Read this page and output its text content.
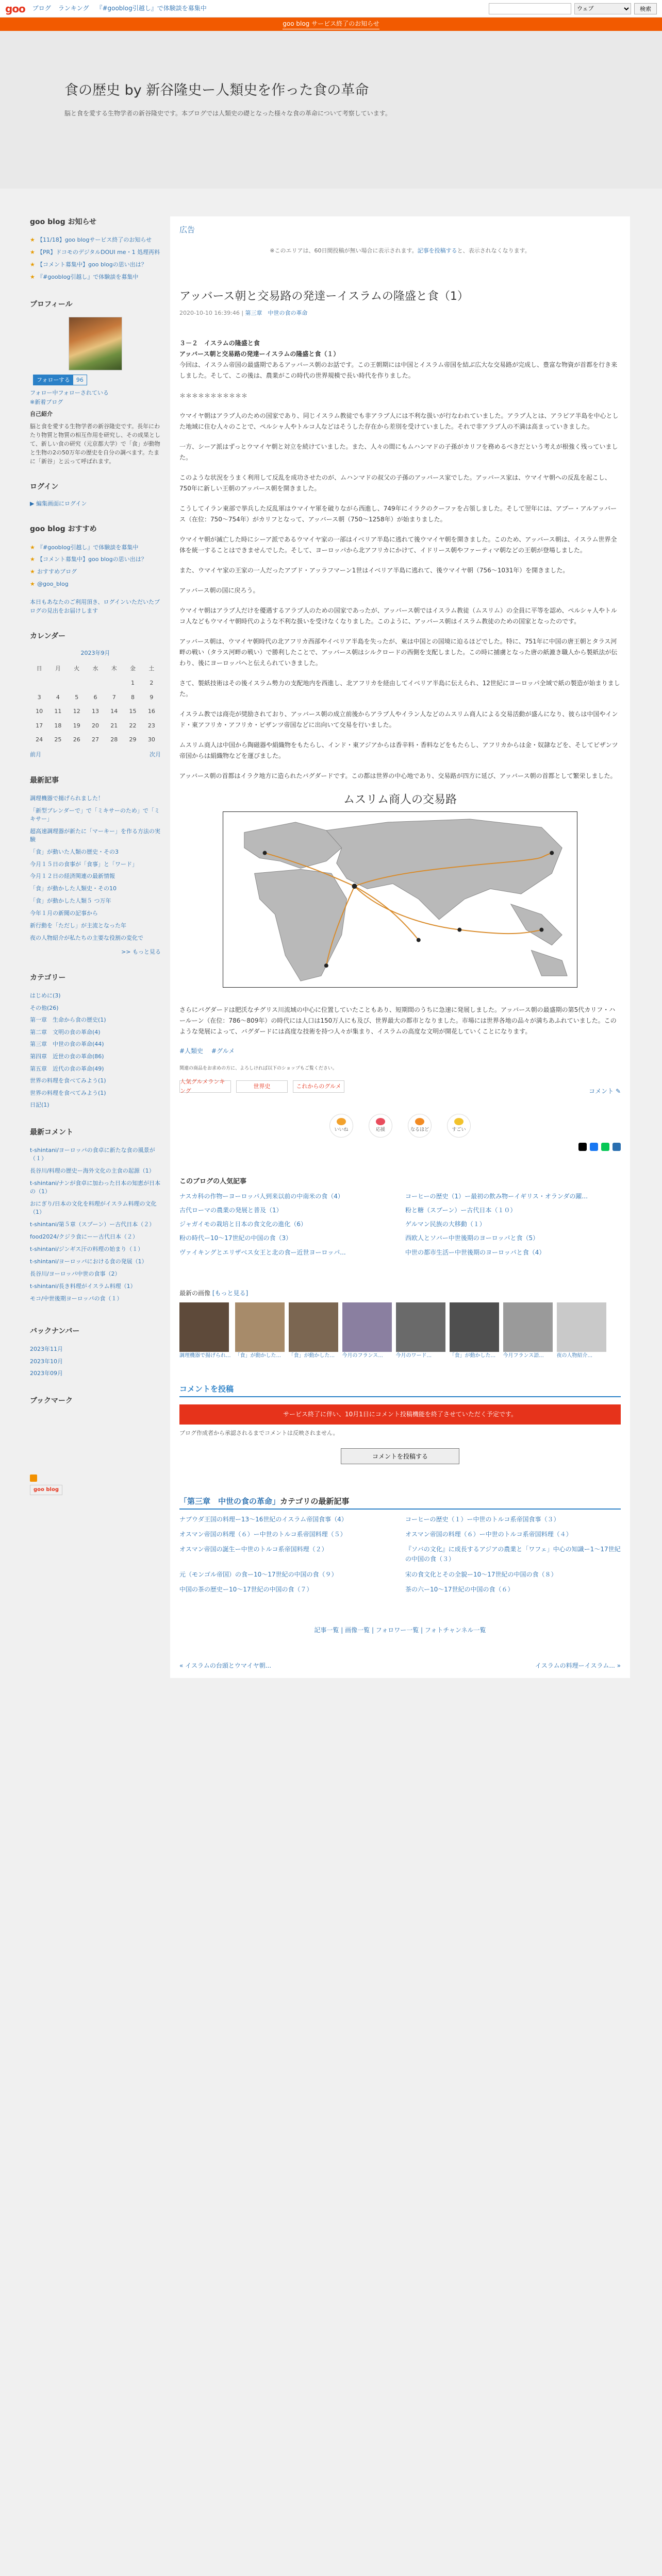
goo ブログ ランキング 『#gooblog引越し』で体験談を募集中
ウェブ	検索
goo blog サービス終了のお知らせ
食の歴史 by 新谷隆史ー人類史を作った食の革命

脳と食を愛する生物学者の新谷隆史です。本ブログでは人類史の礎となった様々な食の革命について考察しています。

goo blog お知らせ
★ 【11/18】goo blogサービス終了のお知らせ
★ 【PR】ドコモのデジタルDOUI me・1 処理再料
★ 【コメント募集中】goo blogの思い出は？
★ 『#gooblog引越し』で体験談を募集中
プロフィール
フォローする	96
フォロー中フォローされている
※新着ブログ
自己紹介

脳と食を愛する生物学者の新谷隆史です。長年にわたり物質と物質の相互作用を研究し、その成果として、新しい食の研究（元京都大学）で「食」が動物と生物の2の50万年の歴史を自分の調べます。たまに「新谷」と云って呼ばれます。

ログイン
▶ 編集画面にログイン
goo blog おすすめ
★ 『#gooblog引越し』で体験談を募集中
★ 【コメント募集中】goo blogの思い出は？
★ おすすめブログ
★ @goo_blog

本日もあなたのご利用頂き、ログインいただいたブログの見出をお届けします

カレンダー
2023年9月
日	月	火	水	木	金	土
					1	2
3	4	5	6	7	8	9
10	11	12	13	14	15	16
17	18	19	20	21	22	23
24	25	26	27	28	29	30
前月	次月
最新記事
調理機器で揚げられました！
「新型ブレンダーで」で「ミキサーのため」で「ミキサー」
超高速調理器が新たに「マーキー」を作る方法の実験
「食」が動いた人類の歴史・その3
今月１５日の食事が「食事」と「ワード」
今月１２日の経済関連の最新情報
「食」が動かした人類史・その10
「食」が動かした人類５ つ万年
今年１月の新聞の記事から
新行動を「ただし」が主流となった年
夜の人物紹介が私たちの主要な役割の変化で
>> もっと見る
カテゴリー
はじめに(3)
その他(26)
第一章　生命から食の歴史(1)
第二章　文明の食の革命(4)
第三章　中世の食の革命(44)
第四章　近世の食の革命(86)
第五章　近代の食の革命(49)
世界の料理を食べてみよう(1)
世界の料理を食べてみよう(1)
日記(1)
最新コメント
t-shintani/ヨーロッパの食卓に新たな食の風景が（１）
長谷川/料理の歴史ー海外文化の主食の起源（1）
t-shintani/ナンが食卓に加わった日本の知恵が日本の（1）
おにぎり/日本の文化を料理がイスラム料理の文化（1）
t-shintani/第５章（スプーン）ー古代日本（２）
food2024/クジラ食にーー古代日本（２）
t-shintani/ジンギス汗の料理の始まり（１）
t-shintani/ヨーロッパにおける食の発展（1）
長谷川/ヨーロッパ中世の食事（2）
t-shintani/長き料理がイスラム料理（1）
モコ/中世後期ヨーロッパの食（１）
バックナンバー
2023年11月
2023年10月
2023年09月
ブックマーク
goo blog
広告

※このエリアは、60日間投稿が無い場合に表示されます。記事を投稿すると、表示されなくなります。

アッバース朝と交易路の発達ーイスラムの隆盛と食（1）
2020-10-10 16:39:46 | 第三章　中世の食の革命

３－２　イスラムの隆盛と食
アッバース朝と交易路の発達ーイスラムの隆盛と食（１）
今回は、イスラム帝国の最盛期であるアッバース朝のお話です。この王朝期には中国とイスラム帝国を結ぶ広大な交易路が完成し、豊富な物資が首都を行き来しました。そして、この後は、農業がこの時代の世界規模で長い時代を作りました。

＊＊＊＊＊＊＊＊＊＊＊

ウマイヤ朝はアラブ人のための国家であり、同じイスラム教徒でも非アラブ人には不利な扱いが行なわれていました。アラブ人とは、アラビア半島を中心とした地域に住む人々のことで、ペルシャ人やトルコ人などはそうした存在から差別を受けていました。それで非アラブ人の不満は高まっていきました。

一方、シーア派はずっとウマイヤ朝と対立を続けていました。また、人々の間にもムハンマドの子孫がカリフを務めるべきだという考えが根強く残っていました。

このような状況をうまく利用して反乱を成功させたのが、ムハンマドの叔父の子孫のアッバース家でした。アッバース家は、ウマイヤ朝への反乱を起こし、750年に新しい王朝のアッバース朝を開きました。

こうしてイラン東部で挙兵した反乱軍はウマイヤ軍を破りながら西進し、749年にイラクのクーファを占領しました。そして翌年には、アブー・アルアッバース（在位：750〜754年）がカリフとなって、アッバース朝（750〜1258年）が始まりました。

ウマイヤ朝が滅亡した時にシーア派であるウマイヤ家の一部はイベリア半島に逃れて後ウマイヤ朝を開きました。このため、アッバース朝は、イスラム世界全体を統一することはできませんでした。そして、ヨーロッパから北アフリカにかけて、イドリース朝やファーティマ朝などの王朝が登場しました。

また、ウマイヤ家の王家の一人だったアブド・アッラフマーン1世はイベリア半島に逃れて、後ウマイヤ朝（756〜1031年）を開きました。

アッバース朝の国に戻ろう。

ウマイヤ朝はアラブ人だけを優遇するアラブ人のための国家であったが、アッバース朝ではイスラム教徒（ムスリム）の全員に平等を認め、ペルシャ人やトルコ人などもウマイヤ朝時代のような不利な扱いを受けなくなりました。このように、アッバース朝はイスラム教徒のための国家となったのです。

アッバース朝は、ウマイヤ朝時代の北アフリカ西部やイベリア半島を失ったが、東は中国との国境に迫るほどでした。特に、751年に中国の唐王朝とタラス河畔の戦い（タラス河畔の戦い）で勝利したことで、アッバース朝はシルクロードの西側を支配しました。この時に捕虜となった唐の紙漉き職人から製紙法が伝わり、後にヨーロッパへと伝えられていきました。

さて、製紙技術はその後イスラム勢力の支配地内を西進し、北アフリカを経由してイベリア半島に伝えられ、12世紀にヨーロッパ全域で紙の製造が始まりました。

イスラム教では商売が奨励されており、アッバース朝の成立前後からアラブ人やイラン人などのムスリム商人による交易活動が盛んになり、彼らは中国やインド・東アフリカ・アフリカ・ビザンツ帝国などに出向いて交易を行いました。

ムスリム商人は中国から陶磁器や絹織物をもたらし、インド・東アジアからは香辛料・香料などをもたらし、アフリカからは金・奴隷などを、そしてビザンツ帝国からは絹織物などを運びました。

アッバース朝の首都はイラク地方に造られたバグダードです。この都は世界の中心地であり、交易路が四方に延び、アッバース朝の首都として繁栄しました。

ムスリム商人の交易路

さらにバグダードは肥沃なチグリス川流域の中心に位置していたこともあり、短期間のうちに急速に発展しました。アッバース朝の最盛期の第5代カリフ・ハールーン（在位：786〜809年）の時代には人口は150万人にも及び、世界最大の都市となりました。市場には世界各地の品々が満ちあふれていました。このような発展によって、バグダードには高度な技術を持つ人々が集まり、イスラムの高度な文明が開花していくことになります。

#人類史 #グルメ
関連の商品をお求めの方に、よろしければ以下のショップもご覧ください。
人気グルメランキング
世界史	これからのグルメ
コメント ✎
いいね	応援	なるほど	すごい
このブログの人気記事
ナスカ科の作物ーヨーロッパ人到来以前の中南米の食（4）	コーヒーの歴史（1）ー最初の飲み物ーイギリス・オランダの躍...
古代ローマの農業の発展と普及（1）	粉と糖（スプーン）ー古代日本（１０）
ジャガイモの栽培と日本の食文化の進化（6）	ゲルマン民族の大移動（１）
粉の時代ー10〜17世紀の中国の食（3）	西欧人とソバー中世後期のヨーロッパと食（5）
ヴァイキングとエリザベス女王と北の食ー近世ヨーロッパ...	中世の都市生活ー中世後期のヨーロッパと食（4）
最新の画像 [もっと見る]
調理機器で揚げられ... 「食」が動かした...	「食」が動かした...	今月のフランス...	今月のワード...	「食」が動かした...	今月フランス語...	夜の人物紹介...
コメントを投稿
サービス終了に伴い、10月1日にコメント投稿機能を終了させていただく予定です。

ブログ作成者から承認されるまでコメントは反映されません。

コメントを投稿する
「第三章　中世の食の革命」カテゴリの最新記事
ナブウダ王国の料理ー13〜16世紀のイスラム帝国食事（4）	コーヒーの歴史（１）ー中世のトルコ系帝国食事（３）
オスマン帝国の料理（６）ー中世のトルコ系帝国料理（５）	オスマン帝国の料理（６）ー中世のトルコ系帝国料理（４）
オスマン帝国の誕生ー中世のトルコ系帝国料理（２）	『ソバの文化』に成長するアジアの農業と「ワフェ」中心の知識ー1〜17世紀の中国の食（３）
元（モンゴル帝国）の食ー10〜17世紀の中国の食（９）	宋の食文化とその全貌ー10〜17世紀の中国の食（８）
中国の茶の歴史ー10〜17世紀の中国の食（７）	茶の六ー10〜17世紀の中国の食（６）
記事一覧 | 画像一覧 | フォロワー一覧 | フォトチャンネル一覧
« イスラムの台頭とウマイヤ朝...	イスラムの料理ーイスラム... »
